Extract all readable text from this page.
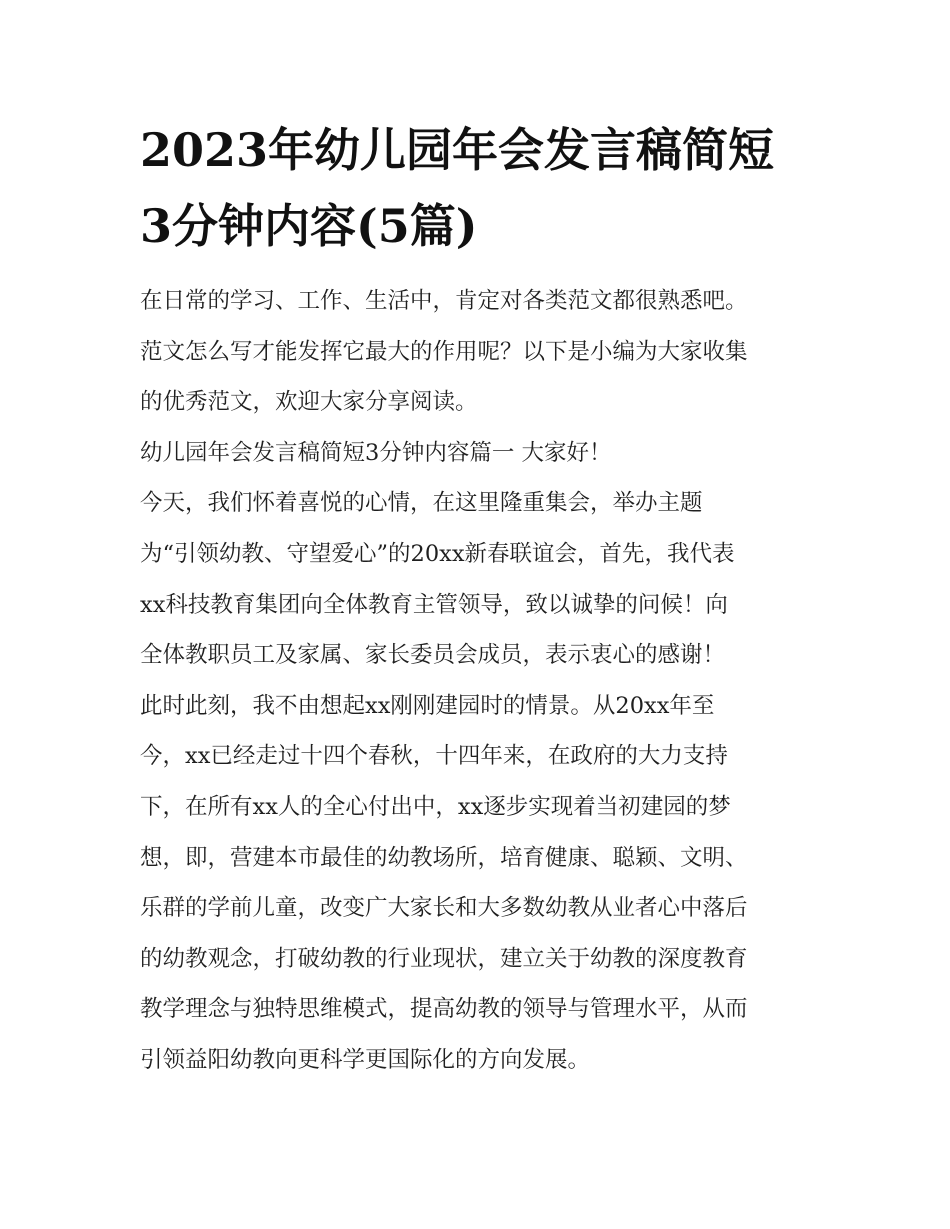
2023年幼儿园年会发言稿简短
3分钟内容(5篇)
在日常的学习、工作、生活中，肯定对各类范文都很熟悉吧。
范文怎么写才能发挥它最大的作用呢？以下是小编为大家收集
的优秀范文，欢迎大家分享阅读。
幼儿园年会发言稿简短3分钟内容篇一 大家好！
今天，我们怀着喜悦的心情，在这里隆重集会，举办主题
为“引领幼教、守望爱心”的20xx新春联谊会，首先，我代表
xx科技教育集团向全体教育主管领导，致以诚挚的问候！向
全体教职员工及家属、家长委员会成员，表示衷心的感谢！
此时此刻，我不由想起xx刚刚建园时的情景。从20xx年至
今，xx已经走过十四个春秋，十四年来，在政府的大力支持
下，在所有xx人的全心付出中，xx逐步实现着当初建园的梦
想，即，营建本市最佳的幼教场所，培育健康、聪颖、文明、
乐群的学前儿童，改变广大家长和大多数幼教从业者心中落后
的幼教观念，打破幼教的行业现状，建立关于幼教的深度教育
教学理念与独特思维模式，提高幼教的领导与管理水平，从而
引领益阳幼教向更科学更国际化的方向发展。
